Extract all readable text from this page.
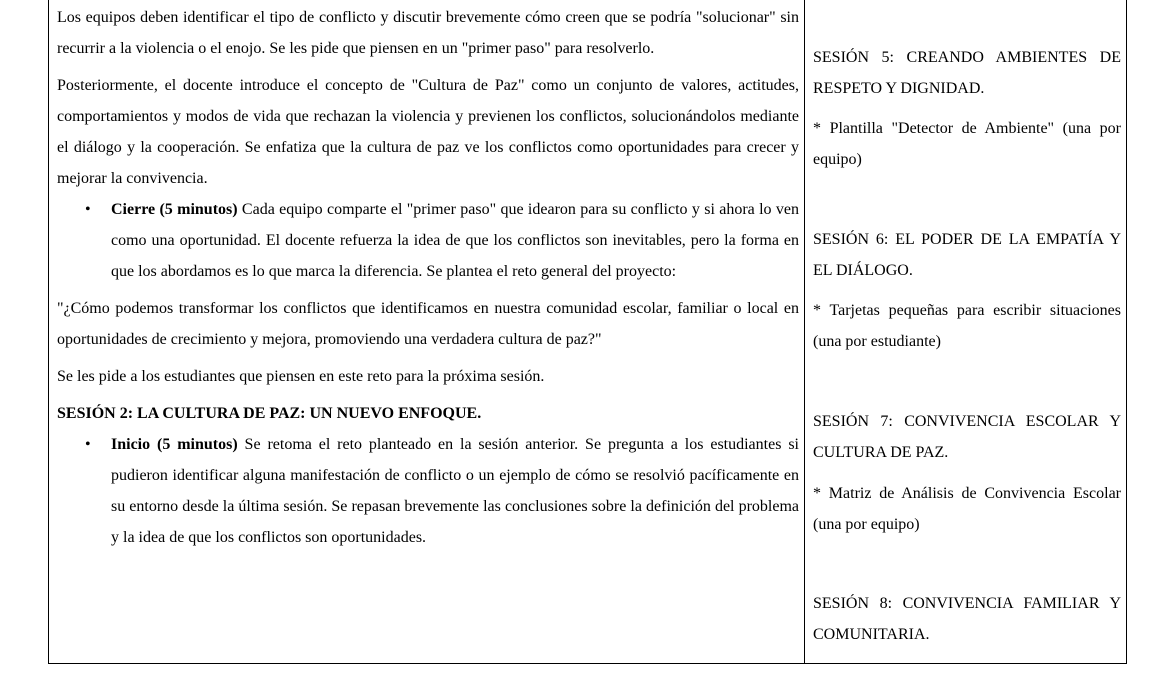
Los equipos deben identificar el tipo de conflicto y discutir brevemente cómo creen que se podría "solucionar" sin recurrir a la violencia o el enojo. Se les pide que piensen en un "primer paso" para resolverlo.

Posteriormente, el docente introduce el concepto de "Cultura de Paz" como un conjunto de valores, actitudes, comportamientos y modos de vida que rechazan la violencia y previenen los conflictos, solucionándolos mediante el diálogo y la cooperación. Se enfatiza que la cultura de paz ve los conflictos como oportunidades para crecer y mejorar la convivencia.

• Cierre (5 minutos) Cada equipo comparte el "primer paso" que idearon para su conflicto y si ahora lo ven como una oportunidad. El docente refuerza la idea de que los conflictos son inevitables, pero la forma en que los abordamos es lo que marca la diferencia. Se plantea el reto general del proyecto:

"¿Cómo podemos transformar los conflictos que identificamos en nuestra comunidad escolar, familiar o local en oportunidades de crecimiento y mejora, promoviendo una verdadera cultura de paz?"

Se les pide a los estudiantes que piensen en este reto para la próxima sesión.

SESIÓN 2: LA CULTURA DE PAZ: UN NUEVO ENFOQUE.

• Inicio (5 minutos) Se retoma el reto planteado en la sesión anterior. Se pregunta a los estudiantes si pudieron identificar alguna manifestación de conflicto o un ejemplo de cómo se resolvió pacíficamente en su entorno desde la última sesión. Se repasan brevemente las conclusiones sobre la definición del problema y la idea de que los conflictos son oportunidades.

SESIÓN 5: CREANDO AMBIENTES DE RESPETO Y DIGNIDAD.

* Plantilla "Detector de Ambiente" (una por equipo)

SESIÓN 6: EL PODER DE LA EMPATÍA Y EL DIÁLOGO.

* Tarjetas pequeñas para escribir situaciones (una por estudiante)

SESIÓN 7: CONVIVENCIA ESCOLAR Y CULTURA DE PAZ.

* Matriz de Análisis de Convivencia Escolar (una por equipo)

SESIÓN 8: CONVIVENCIA FAMILIAR Y COMUNITARIA.
